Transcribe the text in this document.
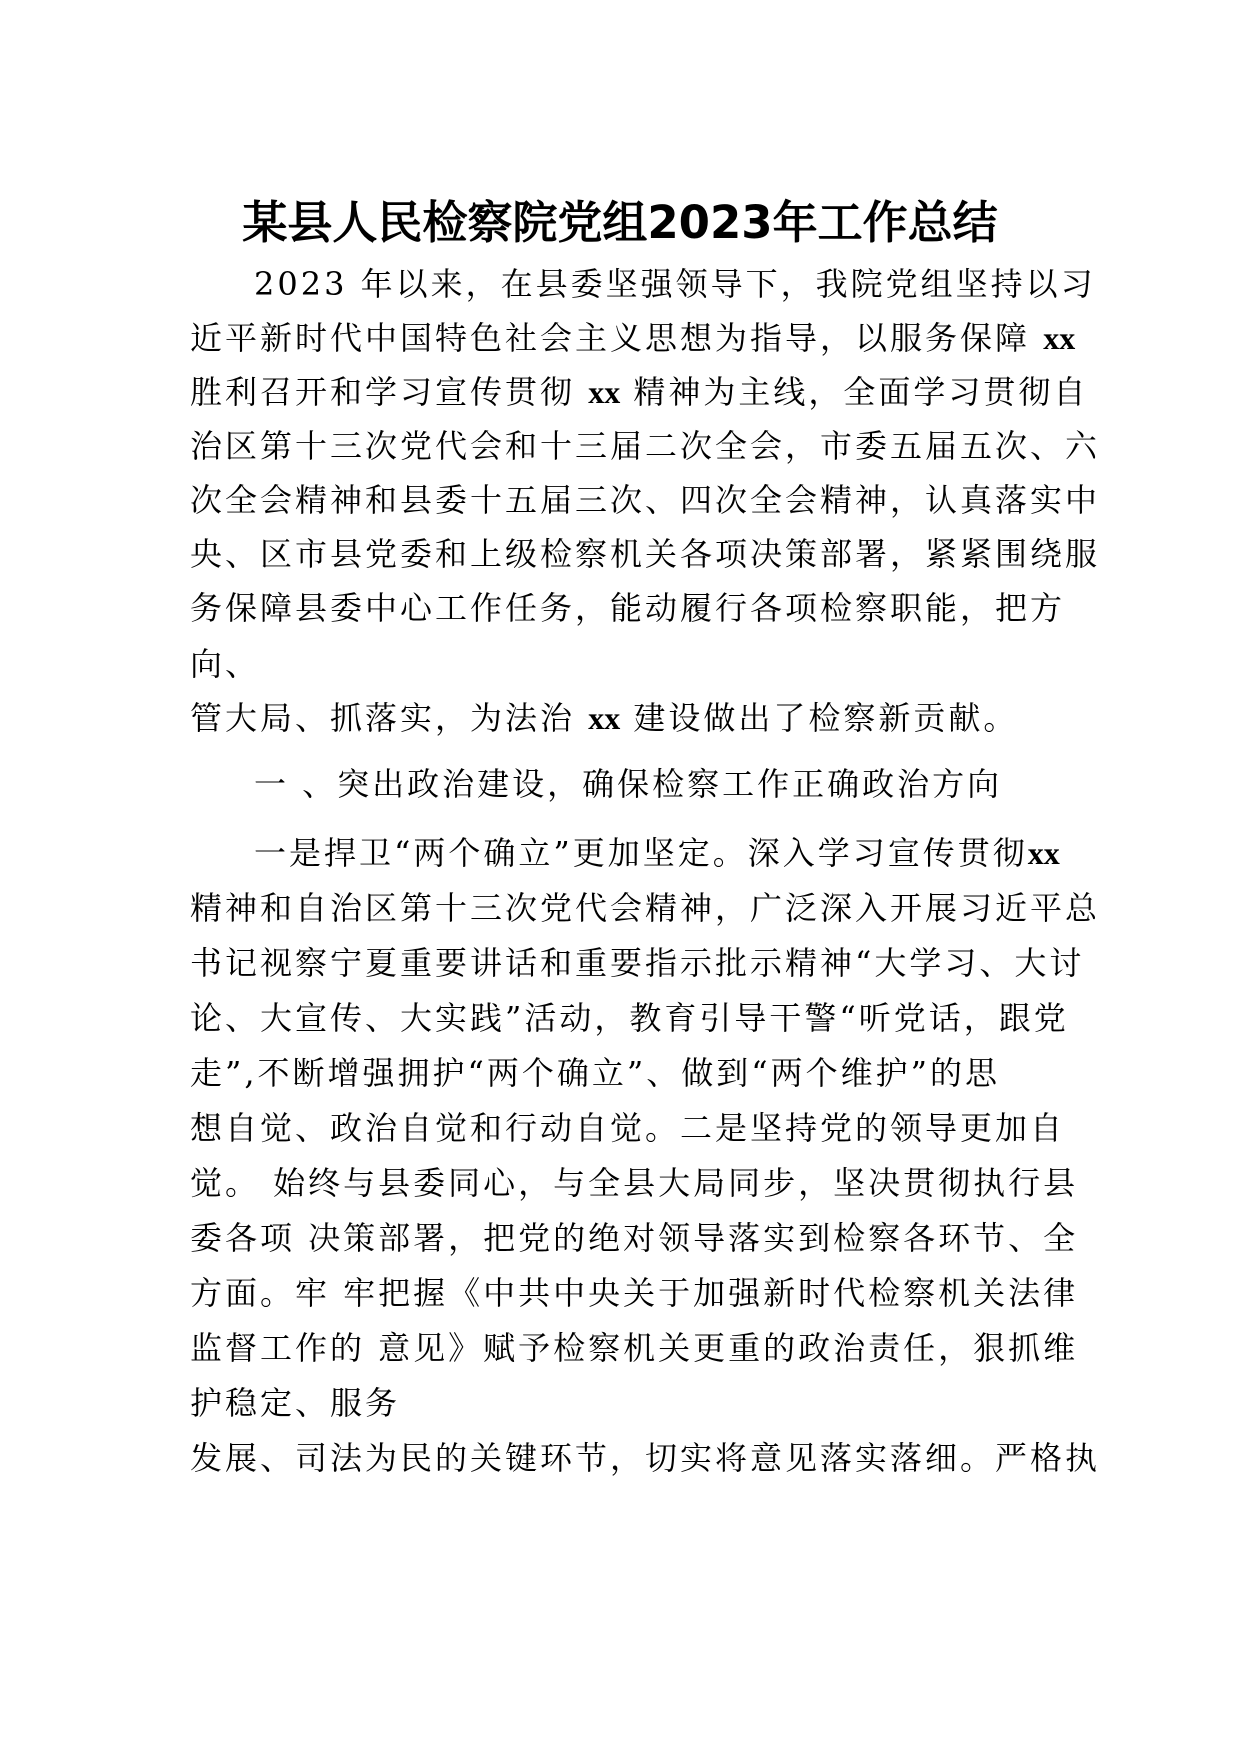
某县人民检察院党组2023年工作总结
2023 年以来，在县委坚强领导下，我院党组坚持以习
近平新时代中国特色社会主义思想为指导，以服务保障 xx
胜利召开和学习宣传贯彻 xx 精神为主线，全面学习贯彻自
治区第十三次党代会和十三届二次全会，市委五届五次、六
次全会精神和县委十五届三次、四次全会精神，认真落实中
央、区市县党委和上级检察机关各项决策部署，紧紧围绕服
务保障县委中心工作任务，能动履行各项检察职能，把方
向、
管大局、抓落实，为法治 xx 建设做出了检察新贡献。
一 、突出政治建设，确保检察工作正确政治方向
一是捍卫“两个确立”更加坚定。深入学习宣传贯彻xx
精神和自治区第十三次党代会精神，广泛深入开展习近平总
书记视察宁夏重要讲话和重要指示批示精神“大学习、大讨
论、大宣传、大实践”活动，教育引导干警“听党话，跟党
走”,不断增强拥护“两个确立”、做到“两个维护”的思
想自觉、政治自觉和行动自觉。二是坚持党的领导更加自
觉。 始终与县委同心，与全县大局同步，坚决贯彻执行县
委各项 决策部署，把党的绝对领导落实到检察各环节、全
方面。牢 牢把握《中共中央关于加强新时代检察机关法律
监督工作的 意见》赋予检察机关更重的政治责任，狠抓维
护稳定、服务
发展、司法为民的关键环节，切实将意见落实落细。严格执
